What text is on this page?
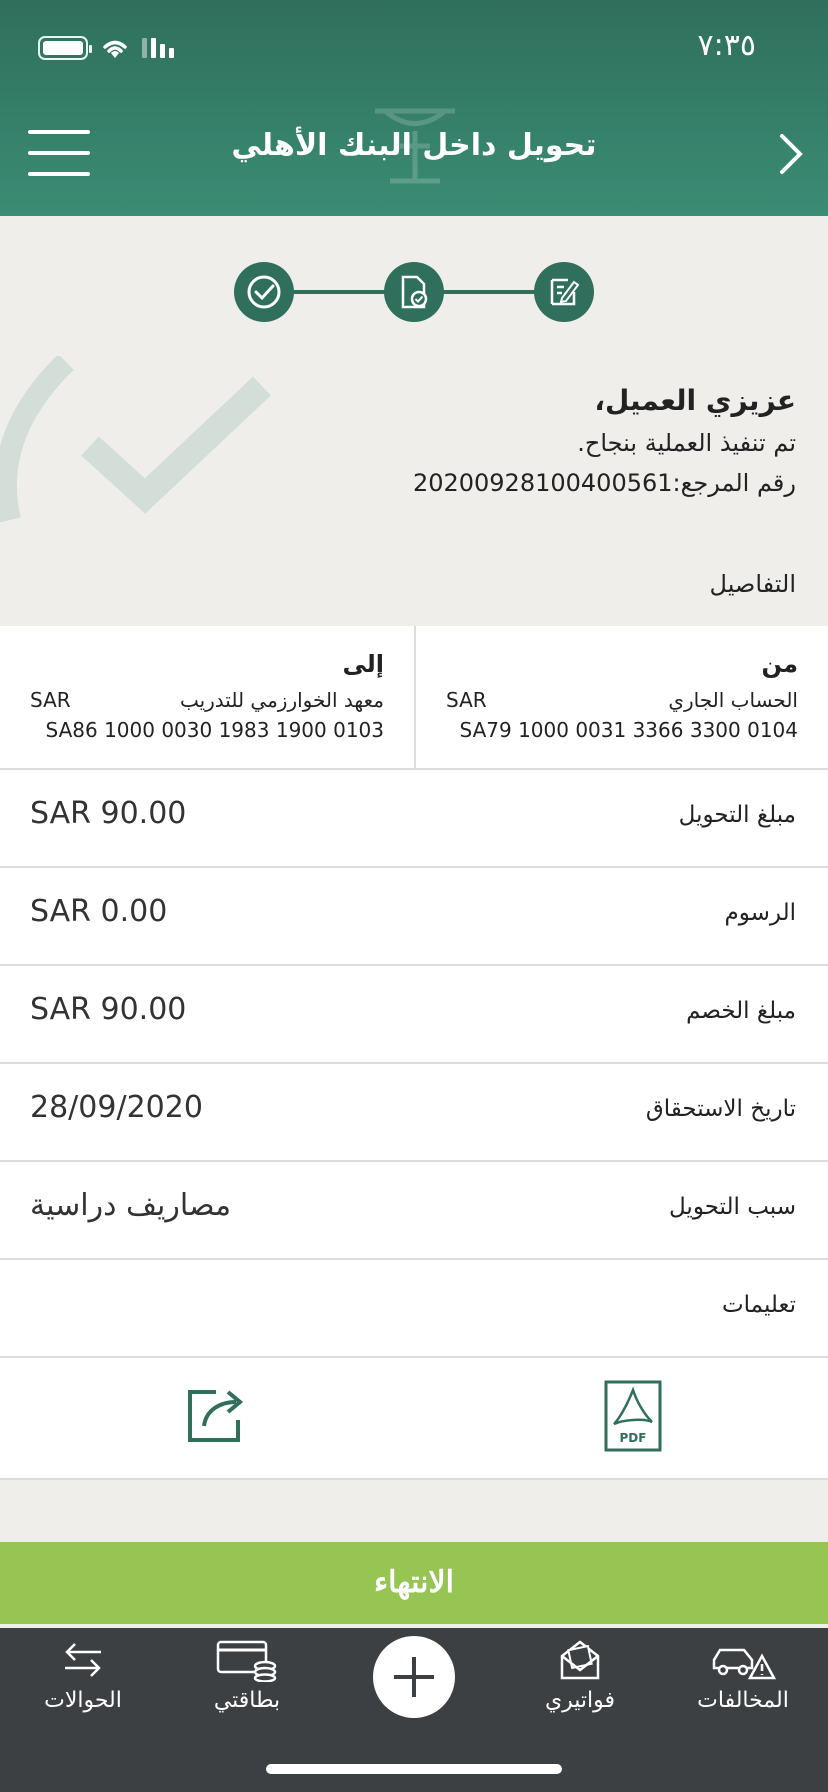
٧:٣٥
تحويل داخل البنك الأهلي
عزيزي العميل،
تم تنفيذ العملية بنجاح.
رقم المرجع:2020092810040056​1
التفاصيل
من
SAR	الحساب الجاري
SA79 1000 0031 3366 3300 0104
إلى
SAR	معهد الخوارزمي للتدريب
SA86 1000 0030 1983 1900 0103
مبلغ التحويل
SAR 90.00
الرسوم
SAR 0.00
مبلغ الخصم
SAR 90.00
تاريخ الاستحقاق
28/09/2020
سبب التحويل
مصاريف دراسية
تعليمات
PDF
الانتهاء
الحوالات	بطاقتي	فواتيري	المخالفات
